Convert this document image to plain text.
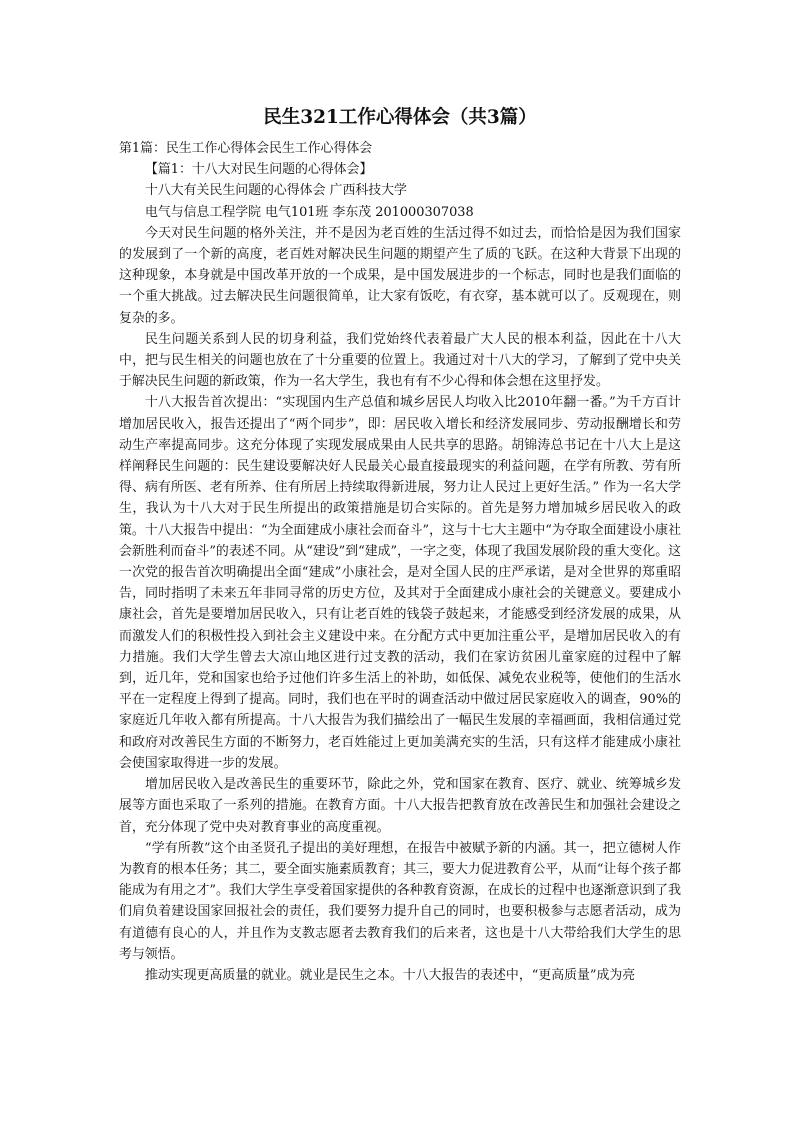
民生321工作心得体会（共3篇）
第1篇：民生工作心得体会民生工作心得体会
【篇1：十八大对民生问题的心得体会】
十八大有关民生问题的心得体会 广西科技大学
电气与信息工程学院 电气101班 李东茂 201000307038

今天对民生问题的格外关注，并不是因为老百姓的生活过得不如过去，而恰恰是因为我们国家的发展到了一个新的高度，老百姓对解决民生问题的期望产生了质的飞跃。在这种大背景下出现的这种现象，本身就是中国改革开放的一个成果，是中国发展进步的一个标志，同时也是我们面临的一个重大挑战。过去解决民生问题很简单，让大家有饭吃，有衣穿，基本就可以了。反观现在，则复杂的多。

民生问题关系到人民的切身利益，我们党始终代表着最广大人民的根本利益，因此在十八大中，把与民生相关的问题也放在了十分重要的位置上。我通过对十八大的学习，了解到了党中央关于解决民生问题的新政策，作为一名大学生，我也有有不少心得和体会想在这里抒发。

十八大报告首次提出：“实现国内生产总值和城乡居民人均收入比2010年翻一番。”为千方百计增加居民收入，报告还提出了“两个同步”，即：居民收入增长和经济发展同步、劳动报酬增长和劳动生产率提高同步。这充分体现了实现发展成果由人民共享的思路。胡锦涛总书记在十八大上是这样阐释民生问题的：民生建设要解决好人民最关心最直接最现实的利益问题，在学有所教、劳有所得、病有所医、老有所养、住有所居上持续取得新进展，努力让人民过上更好生活。” 作为一名大学生，我认为十八大对于民生所提出的政策措施是切合实际的。首先是努力增加城乡居民收入的政策。十八大报告中提出：“为全面建成小康社会而奋斗”，这与十七大主题中“为夺取全面建设小康社会新胜利而奋斗”的表述不同。从“建设”到“建成”，一字之变，体现了我国发展阶段的重大变化。这一次党的报告首次明确提出全面“建成”小康社会，是对全国人民的庄严承诺，是对全世界的郑重昭告，同时指明了未来五年非同寻常的历史方位，及其对于全面建成小康社会的关键意义。要建成小康社会，首先是要增加居民收入，只有让老百姓的钱袋子鼓起来，才能感受到经济发展的成果，从而激发人们的积极性投入到社会主义建设中来。在分配方式中更加注重公平，是增加居民收入的有力措施。我们大学生曾去大凉山地区进行过支教的活动，我们在家访贫困儿童家庭的过程中了解到，近几年，党和国家也给予过他们许多生活上的补助，如低保、减免农业税等，使他们的生活水平在一定程度上得到了提高。同时，我们也在平时的调查活动中做过居民家庭收入的调查，90%的家庭近几年收入都有所提高。十八大报告为我们描绘出了一幅民生发展的幸福画面，我相信通过党和政府对改善民生方面的不断努力，老百姓能过上更加美满充实的生活，只有这样才能建成小康社会使国家取得进一步的发展。

增加居民收入是改善民生的重要环节，除此之外，党和国家在教育、医疗、就业、统筹城乡发展等方面也采取了一系列的措施。在教育方面。十八大报告把教育放在改善民生和加强社会建设之首，充分体现了党中央对教育事业的高度重视。

“学有所教”这个由圣贤孔子提出的美好理想，在报告中被赋予新的内涵。其一，把立德树人作为教育的根本任务；其二，要全面实施素质教育；其三，要大力促进教育公平，从而“让每个孩子都能成为有用之才”。我们大学生享受着国家提供的各种教育资源，在成长的过程中也逐渐意识到了我们肩负着建设国家回报社会的责任，我们要努力提升自己的同时，也要积极参与志愿者活动，成为有道德有良心的人，并且作为支教志愿者去教育我们的后来者，这也是十八大带给我们大学生的思考与领悟。

推动实现更高质量的就业。就业是民生之本。十八大报告的表述中，“更高质量”成为亮
